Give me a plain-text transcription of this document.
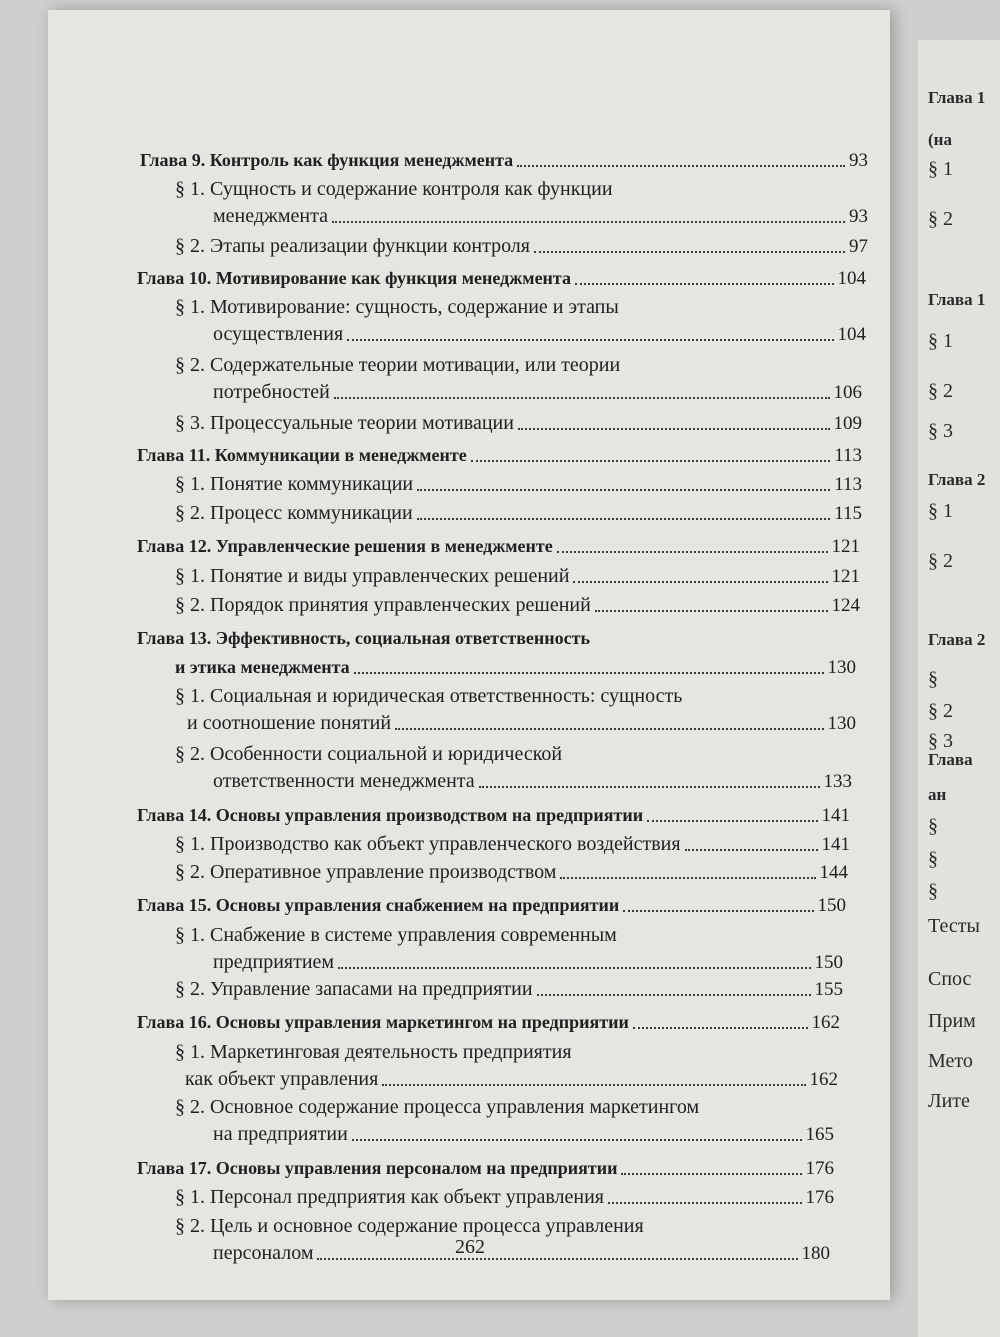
Глава 1
(на
§ 1
§ 2
Глава 1
§ 1
§ 2
§ 3
Глава 2
§ 1
§ 2
Глава 2
§
§ 2
§ 3
Глава
ан
§
§
§
Тесты
Спос
Прим
Мето
Лите
Глава 9. Контроль как функция менеджмента	93
§ 1. Сущность и содержание контроля как функции
менеджмента	93
§ 2. Этапы реализации функции контроля	97
Глава 10. Мотивирование как функция менеджмента	104
§ 1. Мотивирование: сущность, содержание и этапы
осуществления	104
§ 2. Содержательные теории мотивации, или теории
потребностей	106
§ 3. Процессуальные теории мотивации	109
Глава 11. Коммуникации в менеджменте	113
§ 1. Понятие коммуникации	113
§ 2. Процесс коммуникации	115
Глава 12. Управленческие решения в менеджменте	121
§ 1. Понятие и виды управленческих решений	121
§ 2. Порядок принятия управленческих решений	124
Глава 13. Эффективность, социальная ответственность
и этика менеджмента	130
§ 1. Социальная и юридическая ответственность: сущность
и соотношение понятий	130
§ 2. Особенности социальной и юридической
ответственности менеджмента	133
Глава 14. Основы управления производством на предприятии	141
§ 1. Производство как объект управленческого воздействия	141
§ 2. Оперативное управление производством	144
Глава 15. Основы управления снабжением на предприятии	150
§ 1. Снабжение в системе управления современным
предприятием	150
§ 2. Управление запасами на предприятии	155
Глава 16. Основы управления маркетингом на предприятии	162
§ 1. Маркетинговая деятельность предприятия
как объект управления	162
§ 2. Основное содержание процесса управления маркетингом
на предприятии	165
Глава 17. Основы управления персоналом на предприятии	176
§ 1. Персонал предприятия как объект управления	176
§ 2. Цель и основное содержание процесса управления
персоналом	180
262
